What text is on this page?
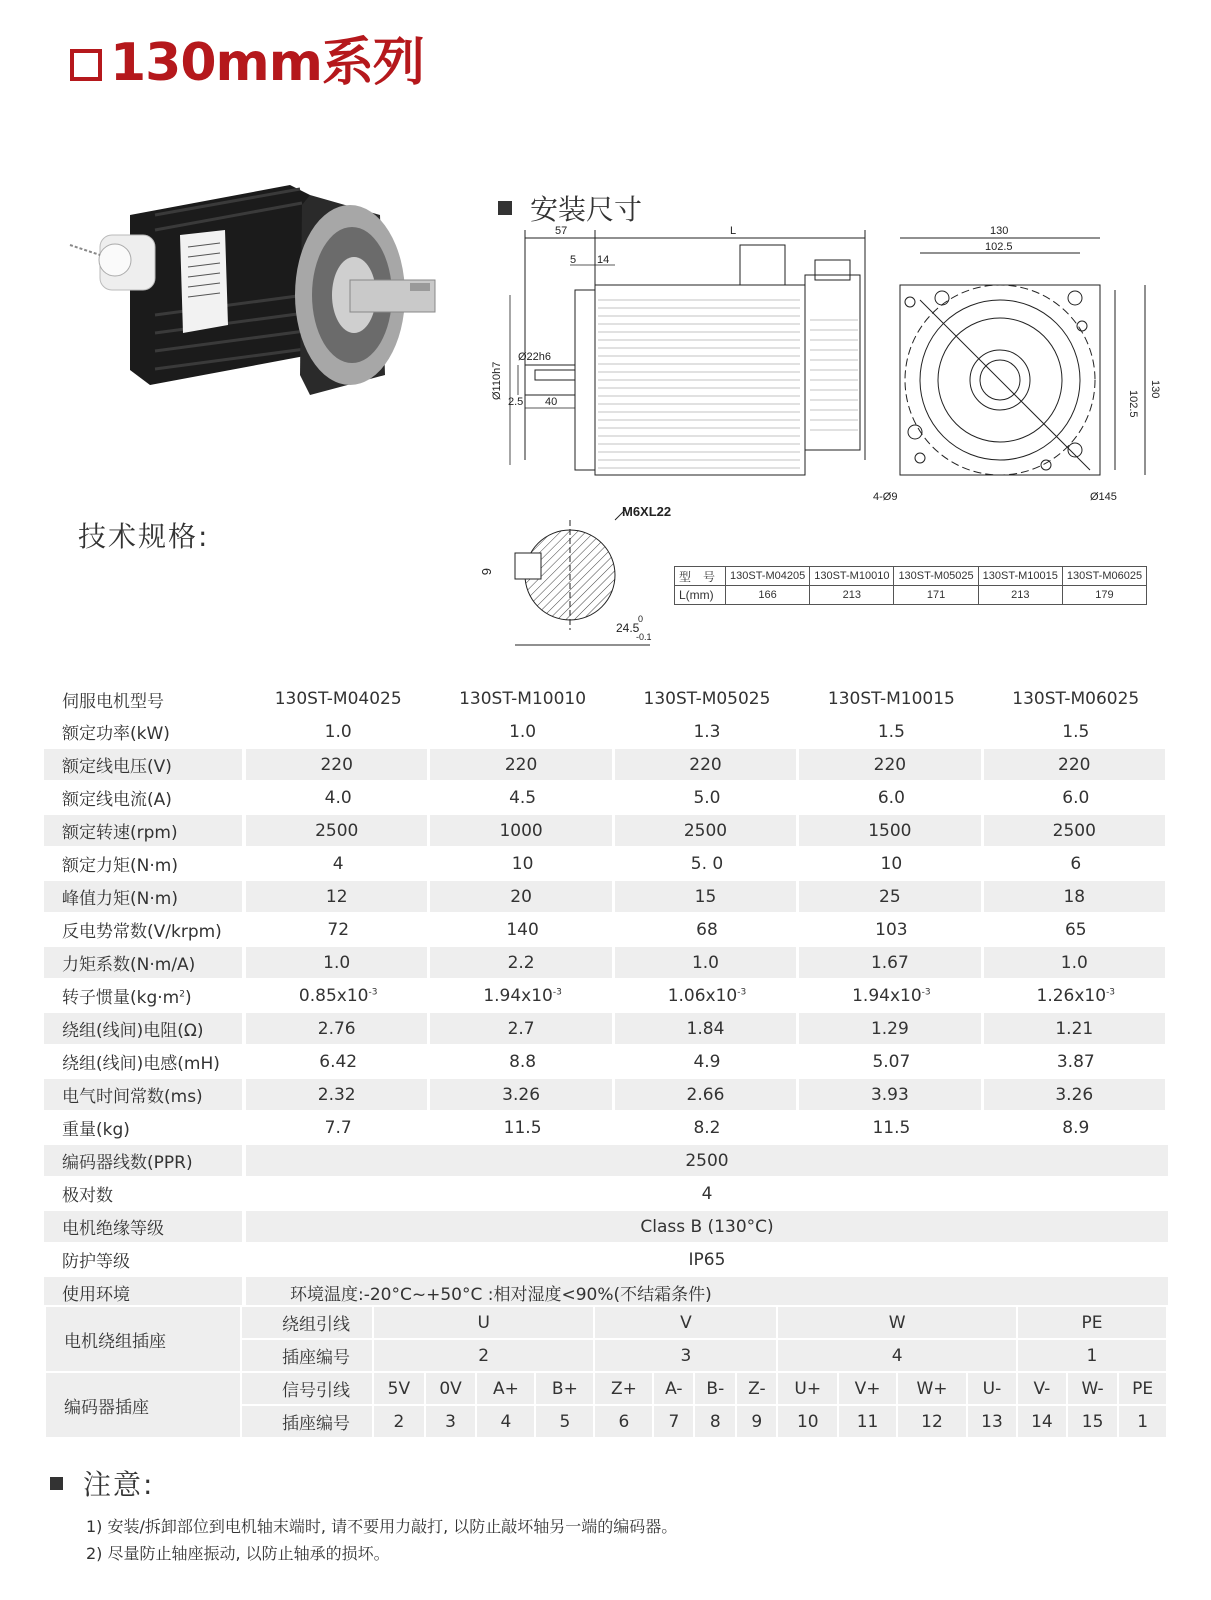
130mm系列
安装尺寸
57	L
5 14
Ø22h6
2.5 40
Ø110h7
130
102.5
102.5
130
4-Ø9	Ø145
M6XL22
6
24.5
0
-0.1
型　号	130ST-M04205	130ST-M10010	130ST-M05025	130ST-M10015	130ST-M06025
L(mm)	166	213	171	213	179
技术规格:
伺服电机型号	130ST-M04025	130ST-M10010	130ST-M05025	130ST-M10015	130ST-M06025
额定功率(kW)	1.0	1.0	1.3	1.5	1.5
额定线电压(V)	220	220	220	220	220
额定线电流(A)	4.0	4.5	5.0	6.0	6.0
额定转速(rpm)	2500	1000	2500	1500	2500
额定力矩(N·m)	4	10	5. 0	10	6
峰值力矩(N·m)	12	20	15	25	18
反电势常数(V/krpm)	72	140	68	103	65
力矩系数(N·m/A)	1.0	2.2	1.0	1.67	1.0
转子惯量$(kg\cdot m^2)$	$0.85x10^{-3}$	$1.94x10^{-3}$	$1.06x10^{-3}$	$1.94x10^{-3}$	$1.26x10^{-3}$
绕组(线间)电阻(Ω)	2.76	2.7	1.84	1.29	1.21
绕组(线间)电感(mH)	6.42	8.8	4.9	5.07	3.87
电气时间常数(ms)	2.32	3.26	2.66	3.93	3.26
重量(kg)	7.7	11.5	8.2	11.5	8.9
编码器线数(PPR)	2500				
极对数	4				
电机绝缘等级	Class B (130°C)				
防护等级	IP65				
使用环境	环境温度:-20°C~+50°C :相对湿度<90%(不结霜条件)				
电机绕组插座	绕组引线	U				V				W				PE		
	插座编号	2				3				4				1		
编码器插座	信号引线	5V	0V	A+	B+	Z+	A-	B-	Z-	U+	V+	W+	U-	V-	W-	PE
	插座编号	2	3	4	5	6	7	8	9	10	11	12	13	14	15	1
注意:
1) 安装/拆卸部位到电机轴末端时, 请不要用力敲打, 以防止敲坏轴另一端的编码器。
2) 尽量防止轴座振动, 以防止轴承的损坏。
